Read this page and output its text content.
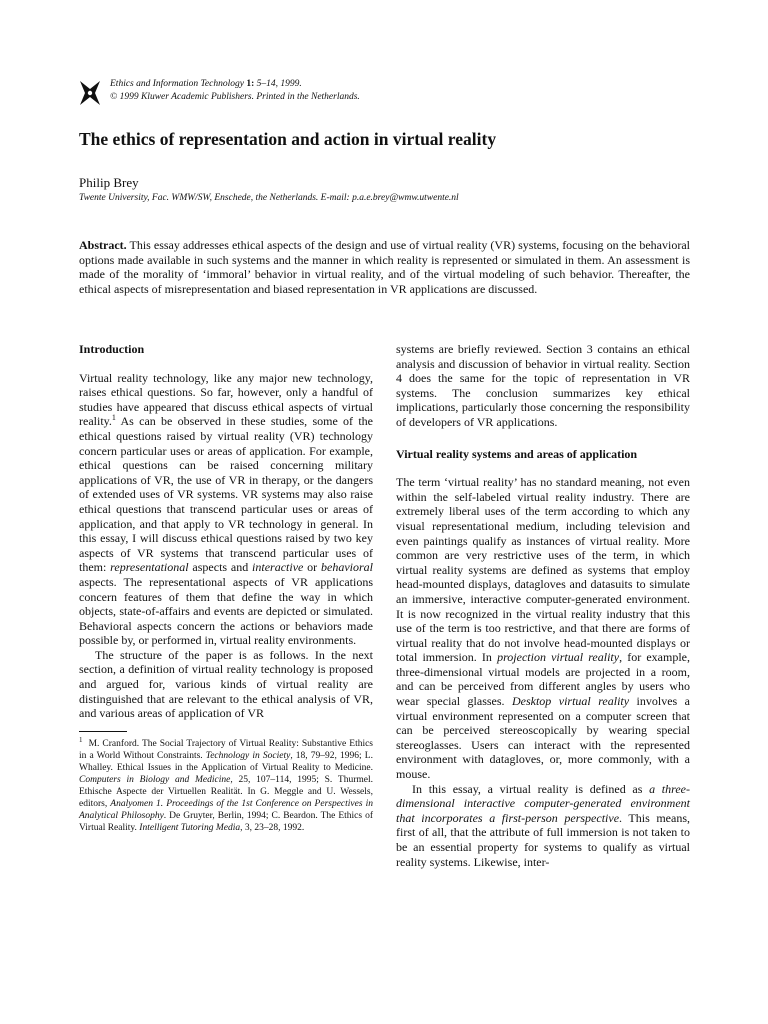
Ethics and Information Technology 1: 5–14, 1999.
© 1999 Kluwer Academic Publishers. Printed in the Netherlands.
The ethics of representation and action in virtual reality
Philip Brey
Twente University, Fac. WMW/SW, Enschede, the Netherlands. E-mail: p.a.e.brey@wmw.utwente.nl
Abstract. This essay addresses ethical aspects of the design and use of virtual reality (VR) systems, focusing on the behavioral options made available in such systems and the manner in which reality is represented or simulated in them. An assessment is made of the morality of ‘immoral’ behavior in virtual reality, and of the virtual modeling of such behavior. Thereafter, the ethical aspects of misrepresentation and biased representation in VR applications are discussed.
Introduction

Virtual reality technology, like any major new technology, raises ethical questions. So far, however, only a handful of studies have appeared that discuss ethical aspects of virtual reality.$^1$ As can be observed in these studies, some of the ethical questions raised by virtual reality (VR) technology concern particular uses or areas of application. For example, ethical questions can be raised concerning military applications of VR, the use of VR in therapy, or the dangers of extended uses of VR systems. VR systems may also raise ethical questions that transcend particular uses or areas of application, and that apply to VR technology in general. In this essay, I will discuss ethical questions raised by two key aspects of VR systems that transcend particular uses of them: representational aspects and interactive or behavioral aspects. The representational aspects of VR applications concern features of them that define the way in which objects, state-of-affairs and events are depicted or simulated. Behavioral aspects concern the actions or behaviors made possible by, or performed in, virtual reality environments.

The structure of the paper is as follows. In the next section, a definition of virtual reality technology is proposed and argued for, various kinds of virtual reality are distinguished that are relevant to the ethical analysis of VR, and various areas of application of VR

$^1$ M. Cranford. The Social Trajectory of Virtual Reality: Substantive Ethics in a World Without Constraints. Technology in Society, 18, 79–92, 1996; L. Whalley. Ethical Issues in the Application of Virtual Reality to Medicine. Computers in Biology and Medicine, 25, 107–114, 1995; S. Thurmel. Ethische Aspecte der Virtuellen Realität. In G. Meggle and U. Wessels, editors, Analyomen 1. Proceedings of the 1st Conference on Perspectives in Analytical Philosophy. De Gruyter, Berlin, 1994; C. Beardon. The Ethics of Virtual Reality. Intelligent Tutoring Media, 3, 23–28, 1992.

systems are briefly reviewed. Section 3 contains an ethical analysis and discussion of behavior in virtual reality. Section 4 does the same for the topic of representation in VR systems. The conclusion summarizes key ethical implications, particularly those concerning the responsibility of developers of VR applications.

Virtual reality systems and areas of application

The term ‘virtual reality’ has no standard meaning, not even within the self-labeled virtual reality industry. There are extremely liberal uses of the term according to which any visual representational medium, including television and even paintings qualify as instances of virtual reality. More common are very restrictive uses of the term, in which virtual reality systems are defined as systems that employ head-mounted displays, datagloves and datasuits to simulate an immersive, interactive computer-generated environment. It is now recognized in the virtual reality industry that this use of the term is too restrictive, and that there are forms of virtual reality that do not involve head-mounted displays or total immersion. In projection virtual reality, for example, three-dimensional virtual models are projected in a room, and can be perceived from different angles by users who wear special glasses. Desktop virtual reality involves a virtual environment represented on a computer screen that can be perceived stereoscopically by wearing special stereoglasses. Users can interact with the represented environment with datagloves, or, more commonly, with a mouse.

In this essay, a virtual reality is defined as a three-dimensional interactive computer-generated environment that incorporates a first-person perspective. This means, first of all, that the attribute of full immersion is not taken to be an essential property for systems to qualify as virtual reality systems. Likewise, inter-
